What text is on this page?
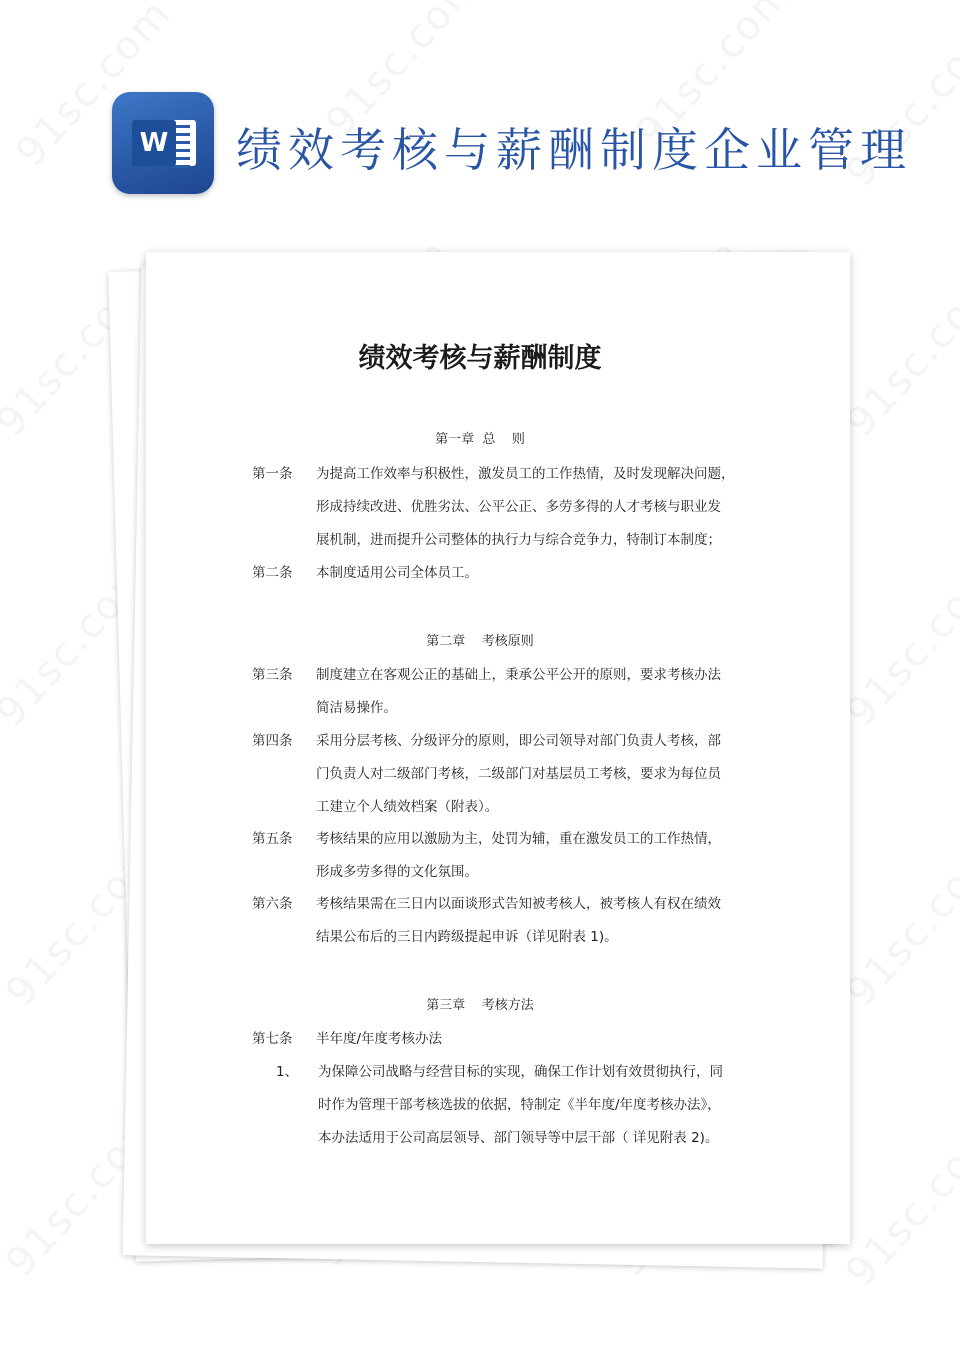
W 绩效考核与薪酬制度企业管理
绩效考核与薪酬制度
第一章  总    则
第一条 为提高工作效率与积极性，激发员工的工作热情，及时发现解决问题，
形成持续改进、优胜劣汰、公平公正、多劳多得的人才考核与职业发
展机制，进而提升公司整体的执行力与综合竞争力，特制订本制度；
第二条 本制度适用公司全体员工。
第二章    考核原则
第三条 制度建立在客观公正的基础上，秉承公平公开的原则，要求考核办法
简洁易操作。
第四条 采用分层考核、分级评分的原则，即公司领导对部门负责人考核，部
门负责人对二级部门考核，二级部门对基层员工考核，要求为每位员
工建立个人绩效档案（附表）。
第五条 考核结果的应用以激励为主，处罚为辅，重在激发员工的工作热情，
形成多劳多得的文化氛围。
第六条 考核结果需在三日内以面谈形式告知被考核人，被考核人有权在绩效
结果公布后的三日内跨级提起申诉（详见附表 1)。
第三章    考核方法
第七条 半年度/年度考核办法
1、 为保障公司战略与经营目标的实现，确保工作计划有效贯彻执行，同
时作为管理干部考核选拔的依据，特制定《半年度/年度考核办法》，
本办法适用于公司高层领导、部门领导等中层干部（ 详见附表 2)。
